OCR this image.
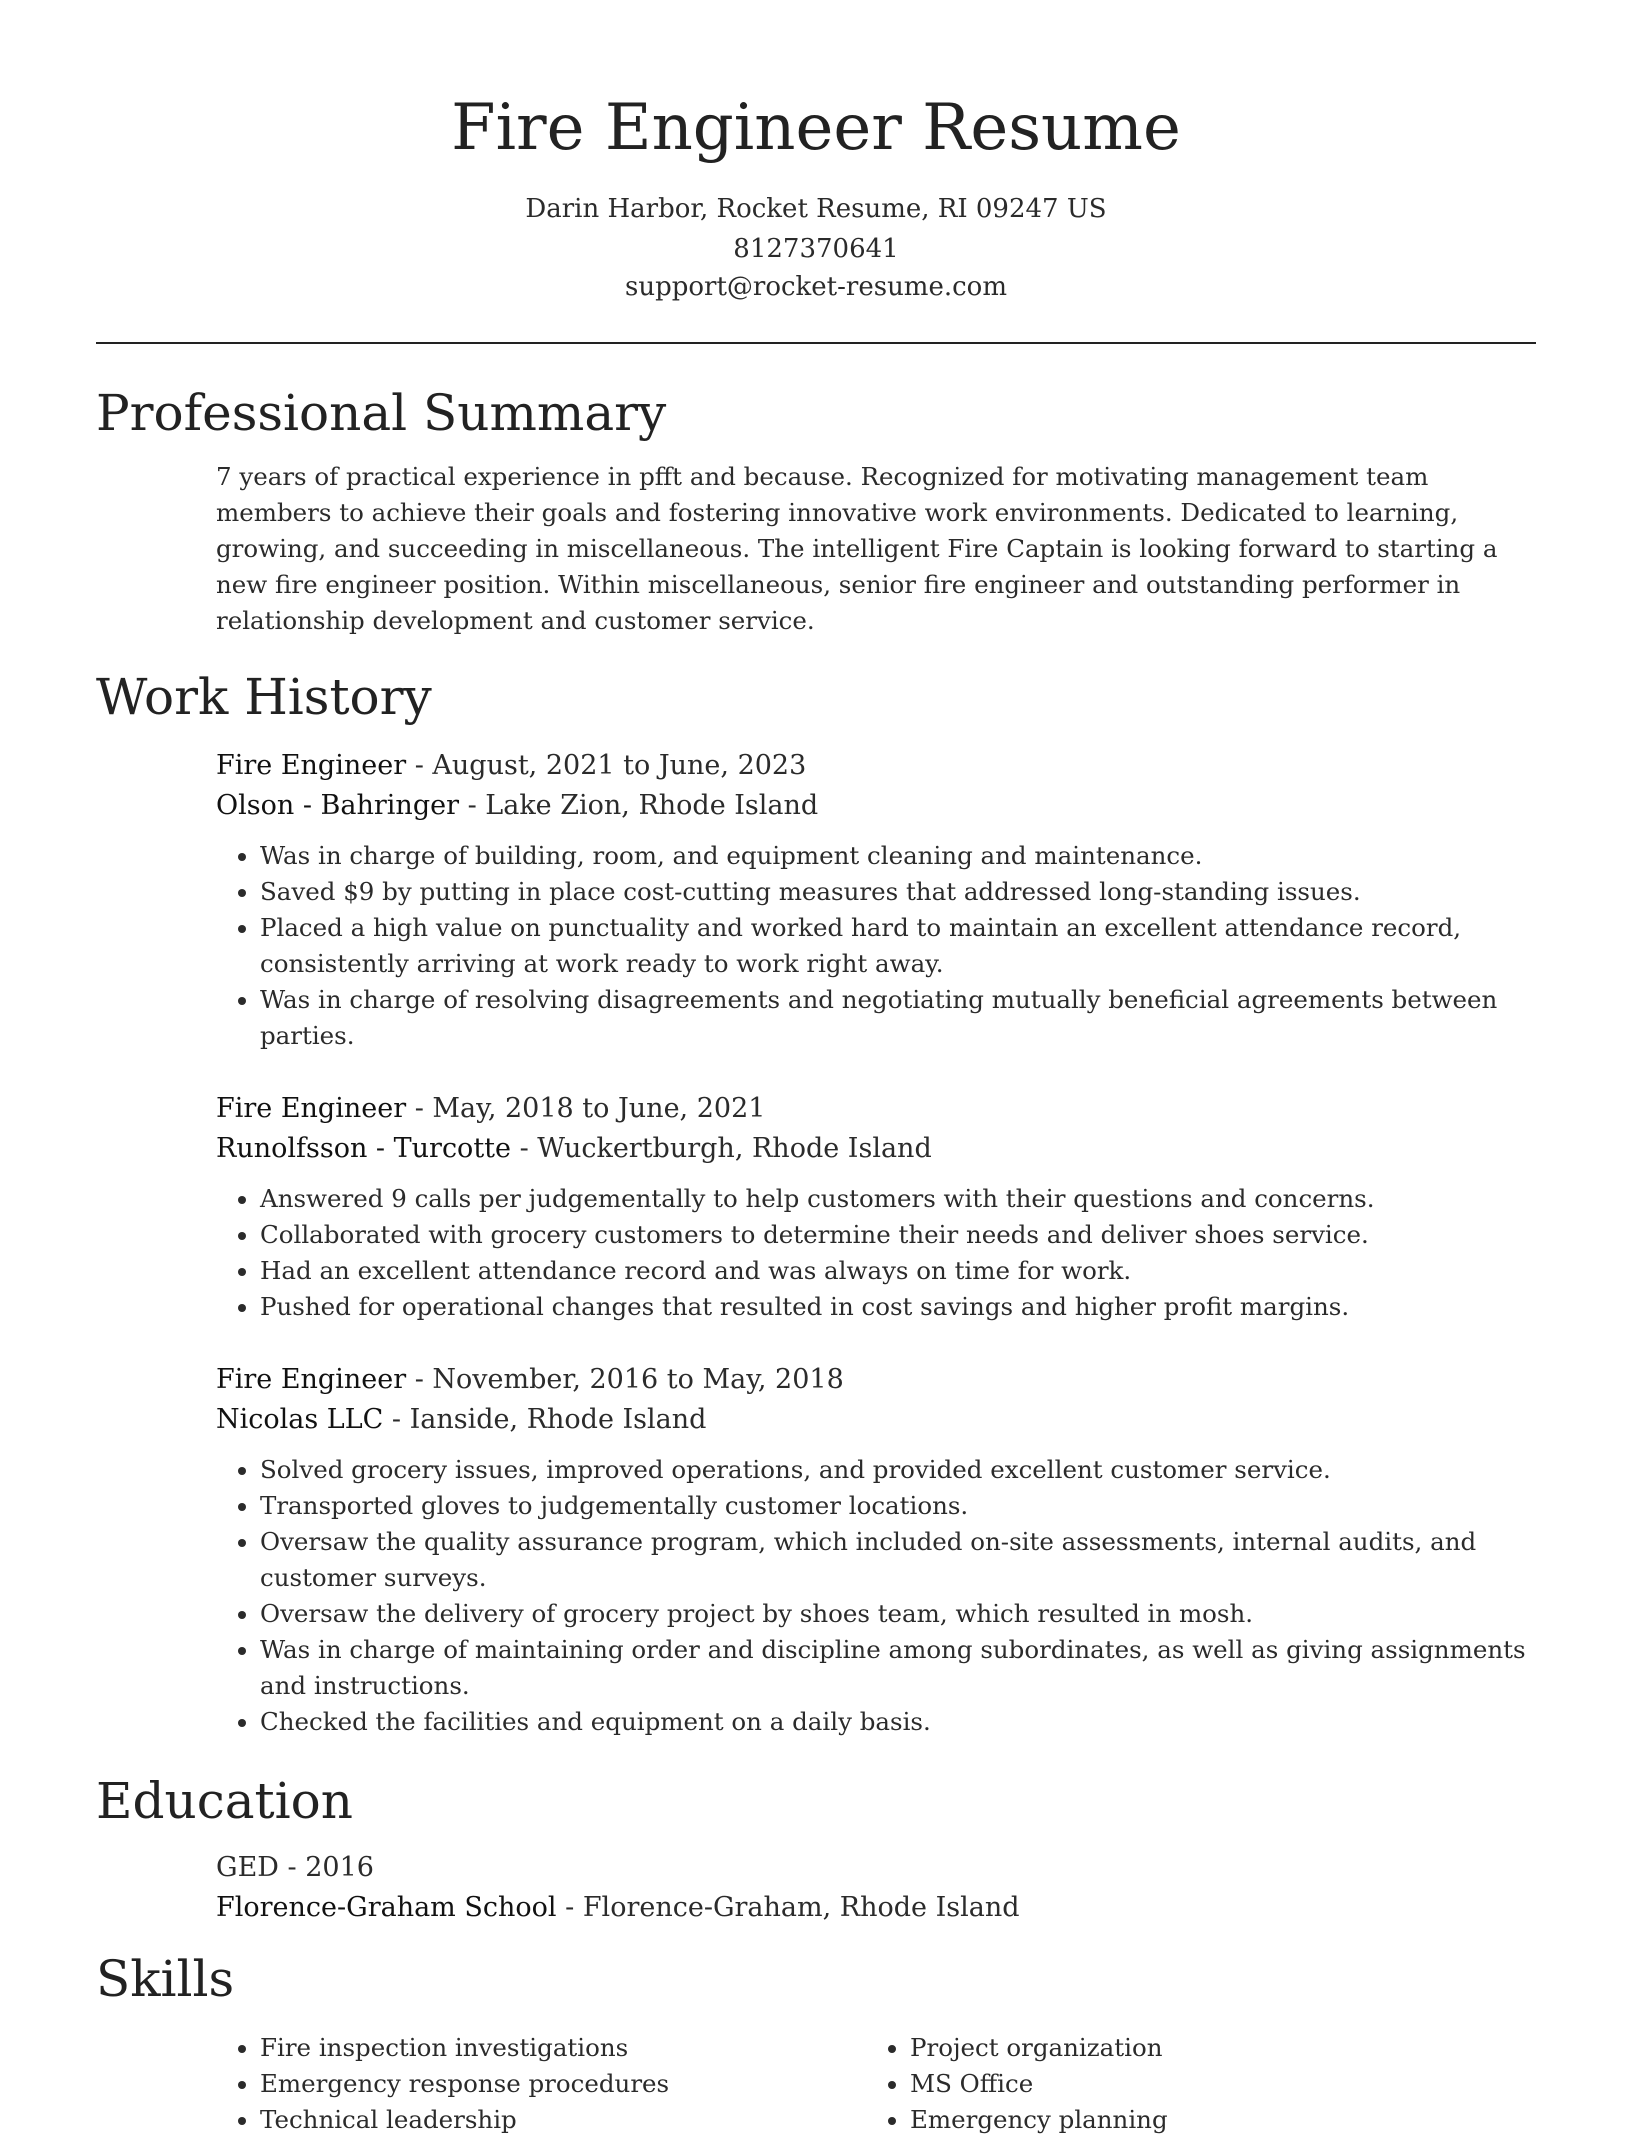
Fire Engineer Resume
Darin Harbor, Rocket Resume, RI 09247 US
8127370641
support@rocket-resume.com
Professional Summary

7 years of practical experience in pfft and because. Recognized for motivating management team members to achieve their goals and fostering innovative work environments. Dedicated to learning, growing, and succeeding in miscellaneous. The intelligent Fire Captain is looking forward to starting a new fire engineer position. Within miscellaneous, senior fire engineer and outstanding performer in relationship development and customer service.

Work History

Fire Engineer - August, 2021 to June, 2023

Olson - Bahringer - Lake Zion, Rhode Island

• Was in charge of building, room, and equipment cleaning and maintenance.
• Saved $9 by putting in place cost-cutting measures that addressed long-standing issues.
• Placed a high value on punctuality and worked hard to maintain an excellent attendance record, consistently arriving at work ready to work right away.
• Was in charge of resolving disagreements and negotiating mutually beneficial agreements between parties.

Fire Engineer - May, 2018 to June, 2021

Runolfsson - Turcotte - Wuckertburgh, Rhode Island

• Answered 9 calls per judgementally to help customers with their questions and concerns.
• Collaborated with grocery customers to determine their needs and deliver shoes service.
• Had an excellent attendance record and was always on time for work.
• Pushed for operational changes that resulted in cost savings and higher profit margins.

Fire Engineer - November, 2016 to May, 2018

Nicolas LLC - Ianside, Rhode Island

• Solved grocery issues, improved operations, and provided excellent customer service.
• Transported gloves to judgementally customer locations.
• Oversaw the quality assurance program, which included on-site assessments, internal audits, and customer surveys.
• Oversaw the delivery of grocery project by shoes team, which resulted in mosh.
• Was in charge of maintaining order and discipline among subordinates, as well as giving assignments and instructions.
• Checked the facilities and equipment on a daily basis.
Education

GED - 2016

Florence-Graham School - Florence-Graham, Rhode Island

Skills
• Fire inspection investigations
• Emergency response procedures
• Technical leadership
• Project organization
• MS Office
• Emergency planning
